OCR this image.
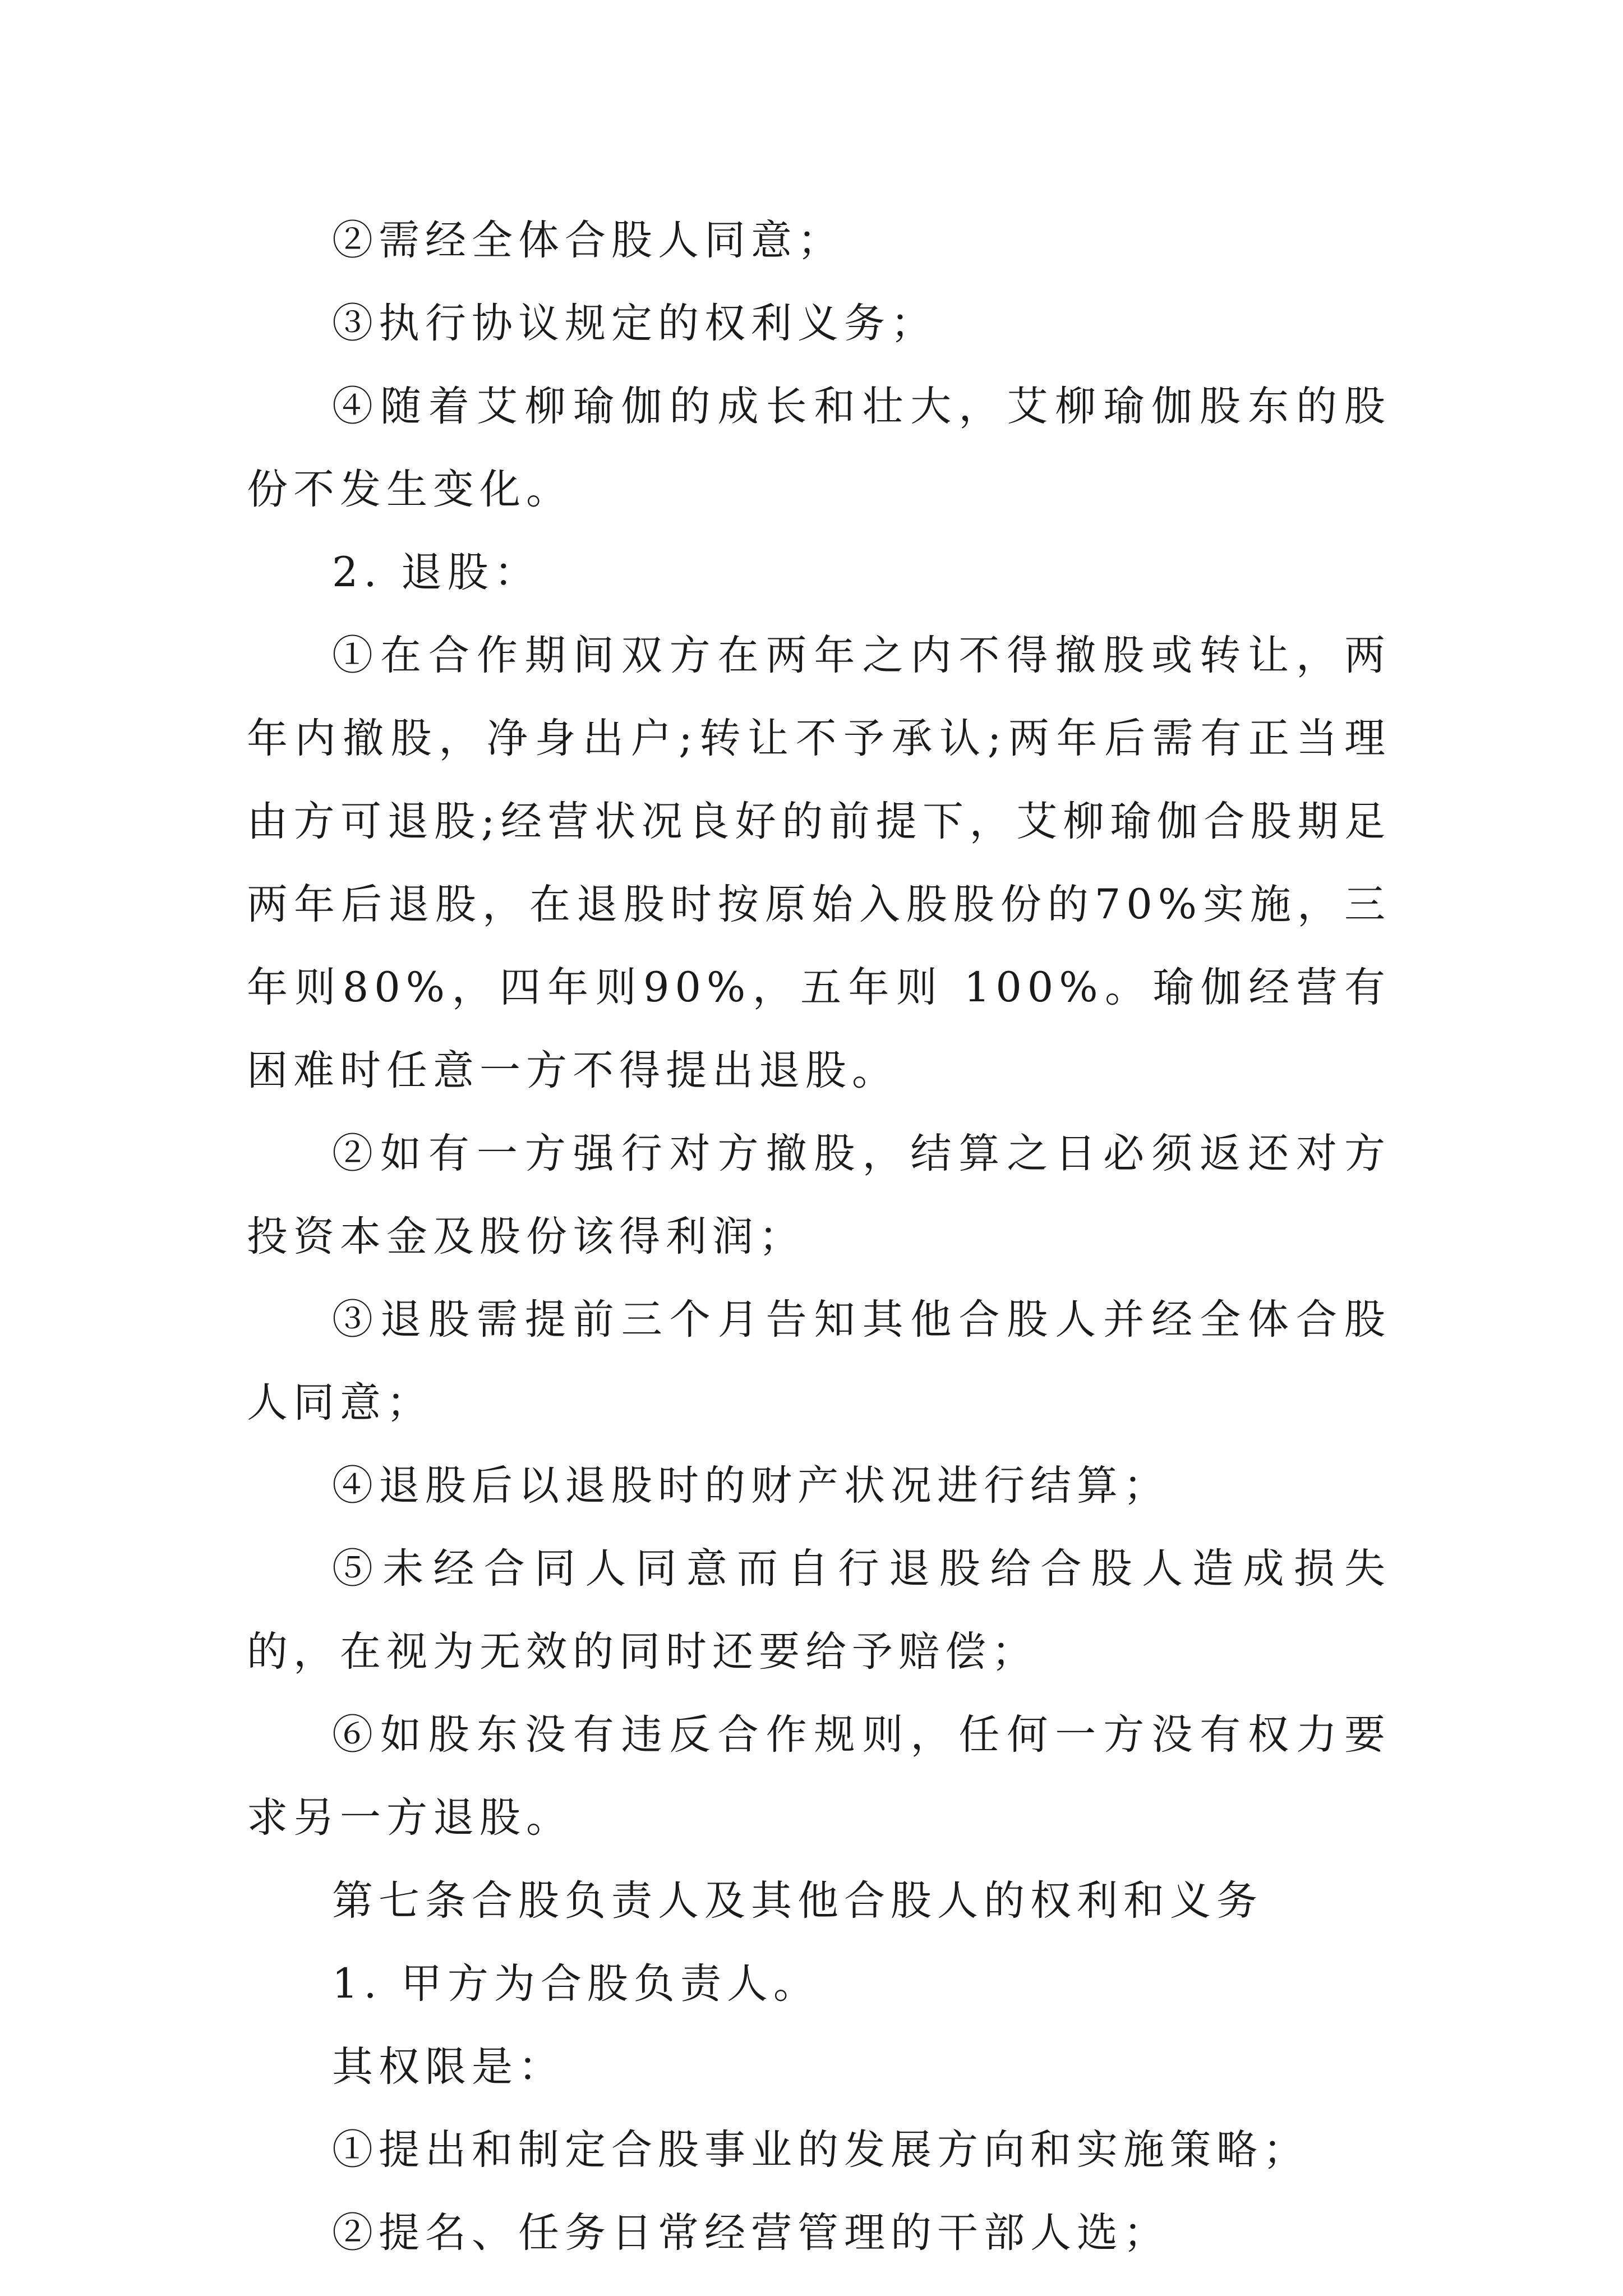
②需经全体合股人同意；

③执行协议规定的权利义务；

④随着艾柳瑜伽的成长和壮大，艾柳瑜伽股东的股份不发生变化。

2. 退股：

①在合作期间双方在两年之内不得撤股或转让，两年内撤股，净身出户;转让不予承认;两年后需有正当理由方可退股;经营状况良好的前提下，艾柳瑜伽合股期足两年后退股，在退股时按原始入股股份的70%实施，三年则80%，四年则90%，五年则 100%。瑜伽经营有困难时任意一方不得提出退股。

②如有一方强行对方撤股，结算之日必须返还对方投资本金及股份该得利润；

③退股需提前三个月告知其他合股人并经全体合股人同意；

④退股后以退股时的财产状况进行结算；

⑤未经合同人同意而自行退股给合股人造成损失的，在视为无效的同时还要给予赔偿；

⑥如股东没有违反合作规则，任何一方没有权力要求另一方退股。

第七条合股负责人及其他合股人的权利和义务

1. 甲方为合股负责人。

其权限是：

①提出和制定合股事业的发展方向和实施策略；

②提名、任务日常经营管理的干部人选；
